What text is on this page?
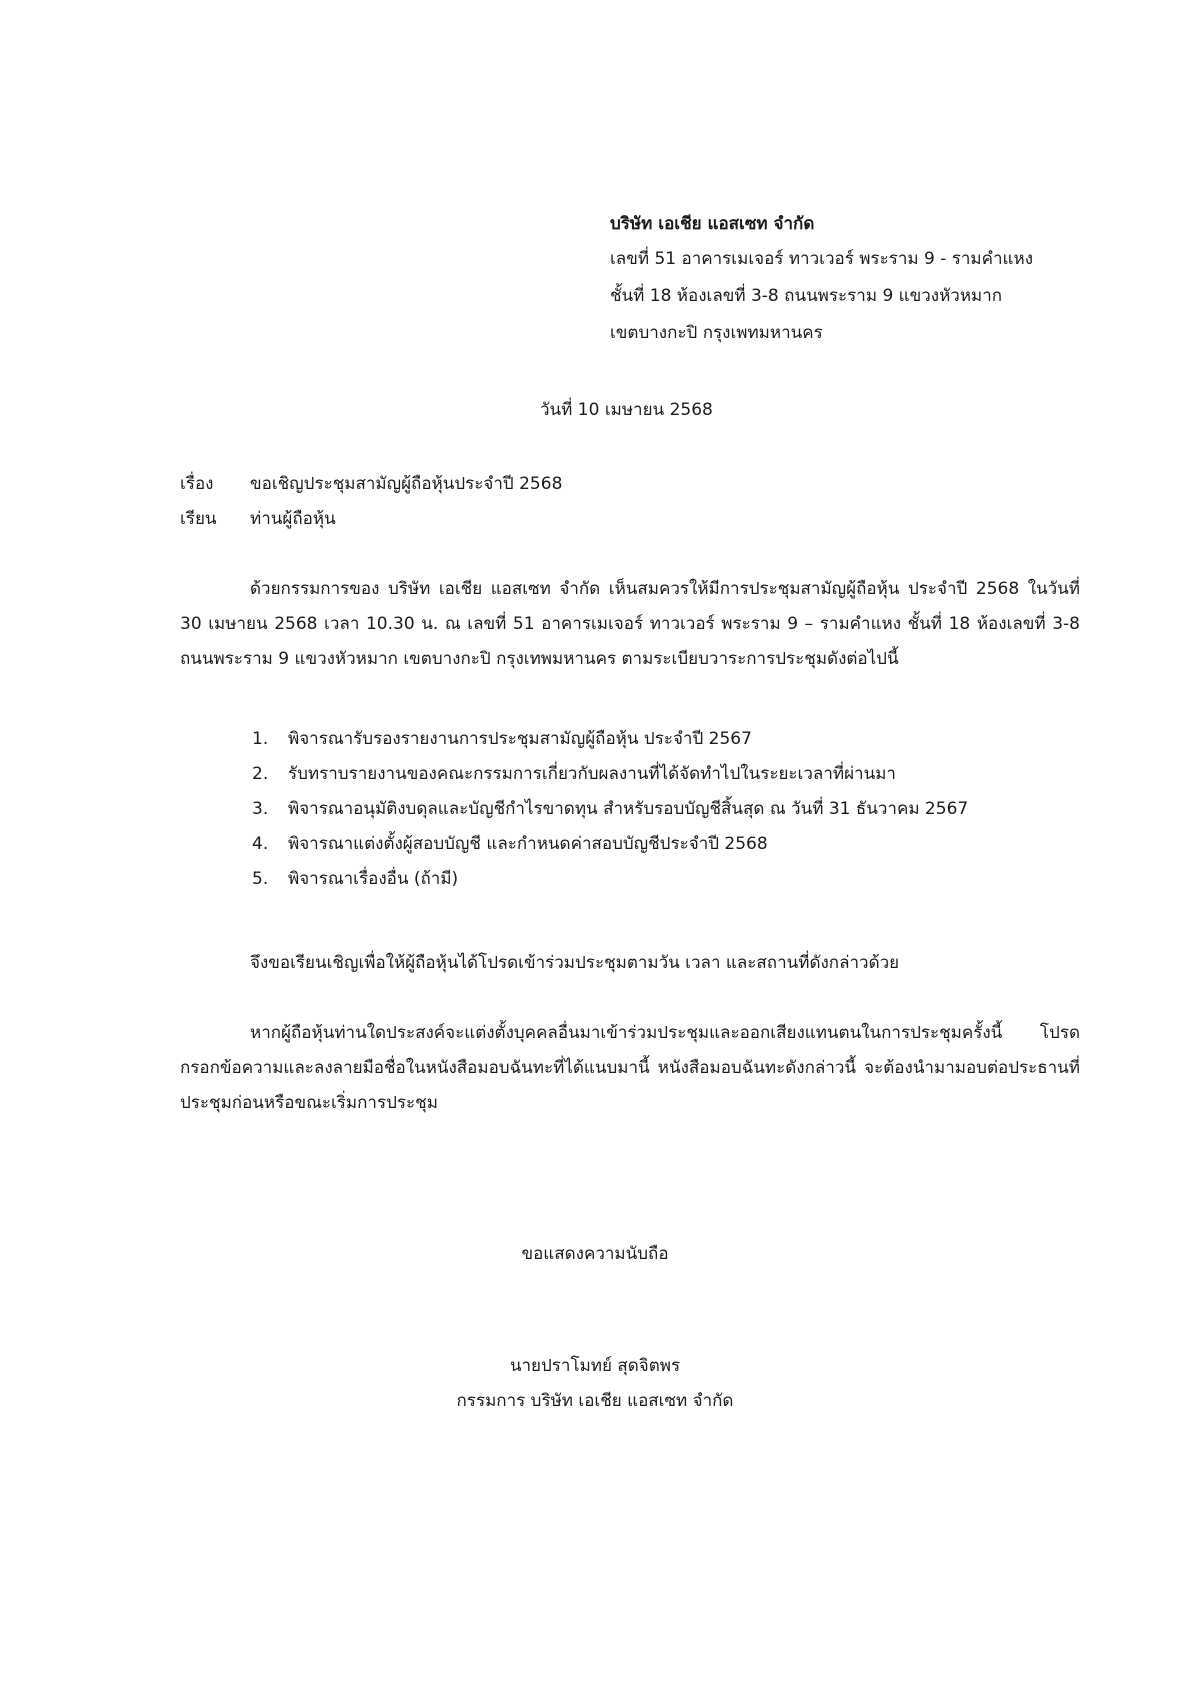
บริษัท เอเชีย แอสเซท จำกัด
เลขที่ 51 อาคารเมเจอร์ ทาวเวอร์ พระราม 9 - รามคำแหง
ชั้นที่ 18 ห้องเลขที่ 3-8 ถนนพระราม 9 แขวงหัวหมาก
เขตบางกะปิ กรุงเพทมหานคร
วันที่ 10 เมษายน 2568
เรื่อง ขอเชิญประชุมสามัญผู้ถือหุ้นประจำปี 2568
เรียน ท่านผู้ถือหุ้น
ด้วยกรรมการของ บริษัท เอเชีย แอสเซท จำกัด เห็นสมควรให้มีการประชุมสามัญผู้ถือหุ้น ประจำปี 2568 ในวันที่ 30 เมษายน 2568 เวลา 10.30 น. ณ เลขที่ 51 อาคารเมเจอร์ ทาวเวอร์ พระราม 9 – รามคำแหง ชั้นที่ 18 ห้องเลขที่ 3-8 ถนนพระราม 9 แขวงหัวหมาก เขตบางกะปิ กรุงเทพมหานคร ตามระเบียบวาระการประชุมดังต่อไปนี้
1.	พิจารณารับรองรายงานการประชุมสามัญผู้ถือหุ้น ประจำปี 2567
2.	รับทราบรายงานของคณะกรรมการเกี่ยวกับผลงานที่ได้จัดทำไปในระยะเวลาที่ผ่านมา
3.	พิจารณาอนุมัติงบดุลและบัญชีกำไรขาดทุน สำหรับรอบบัญชีสิ้นสุด ณ วันที่ 31 ธันวาคม 2567
4.	พิจารณาแต่งตั้งผู้สอบบัญชี และกำหนดค่าสอบบัญชีประจำปี 2568
5.	พิจารณาเรื่องอื่น (ถ้ามี)
จึงขอเรียนเชิญเพื่อให้ผู้ถือหุ้นได้โปรดเข้าร่วมประชุมตามวัน เวลา และสถานที่ดังกล่าวด้วย
หากผู้ถือหุ้นท่านใดประสงค์จะแต่งตั้งบุคคลอื่นมาเข้าร่วมประชุมและออกเสียงแทนตนในการประชุมครั้งนี้ โปรดกรอกข้อความและลงลายมือชื่อในหนังสือมอบฉันทะที่ได้แนบมานี้ หนังสือมอบฉันทะดังกล่าวนี้ จะต้องนำมามอบต่อประธานที่ประชุมก่อนหรือขณะเริ่มการประชุม
ขอแสดงความนับถือ
นายปราโมทย์ สุดจิตพร
กรรมการ บริษัท เอเชีย แอสเซท จำกัด
